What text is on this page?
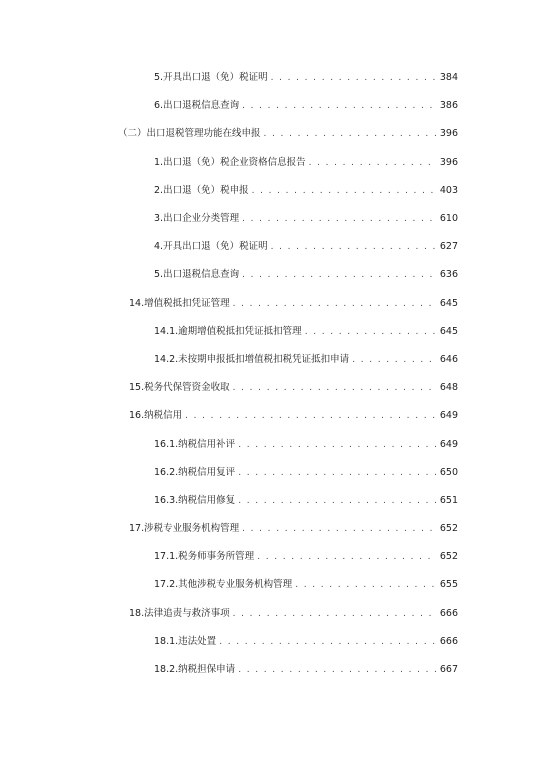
5.开具出口退（免）税证明 . . .	384
6.出口退税信息查询 . . .	386
（二）出口退税管理功能在线申报 . . .	396
1.出口退（免）税企业资格信息报告 . . .	396
2.出口退（免）税申报 . . .	403
3.出口企业分类管理 . . .	610
4.开具出口退（免）税证明 . . .	627
5.出口退税信息查询 . . .	636
14.增值税抵扣凭证管理 . . .	645
14.1.逾期增值税抵扣凭证抵扣管理 . . .	645
14.2.未按期申报抵扣增值税扣税凭证抵扣申请 . . .	646
15.税务代保管资金收取 . . .	648
16.纳税信用 . . .	649
16.1.纳税信用补评 . . .	649
16.2.纳税信用复评 . . .	650
16.3.纳税信用修复 . . .	651
17.涉税专业服务机构管理 . . .	652
17.1.税务师事务所管理 . . .	652
17.2.其他涉税专业服务机构管理 . . .	655
18.法律追责与救济事项 . . .	666
18.1.违法处置 . . .	666
18.2.纳税担保申请 . . .	667
